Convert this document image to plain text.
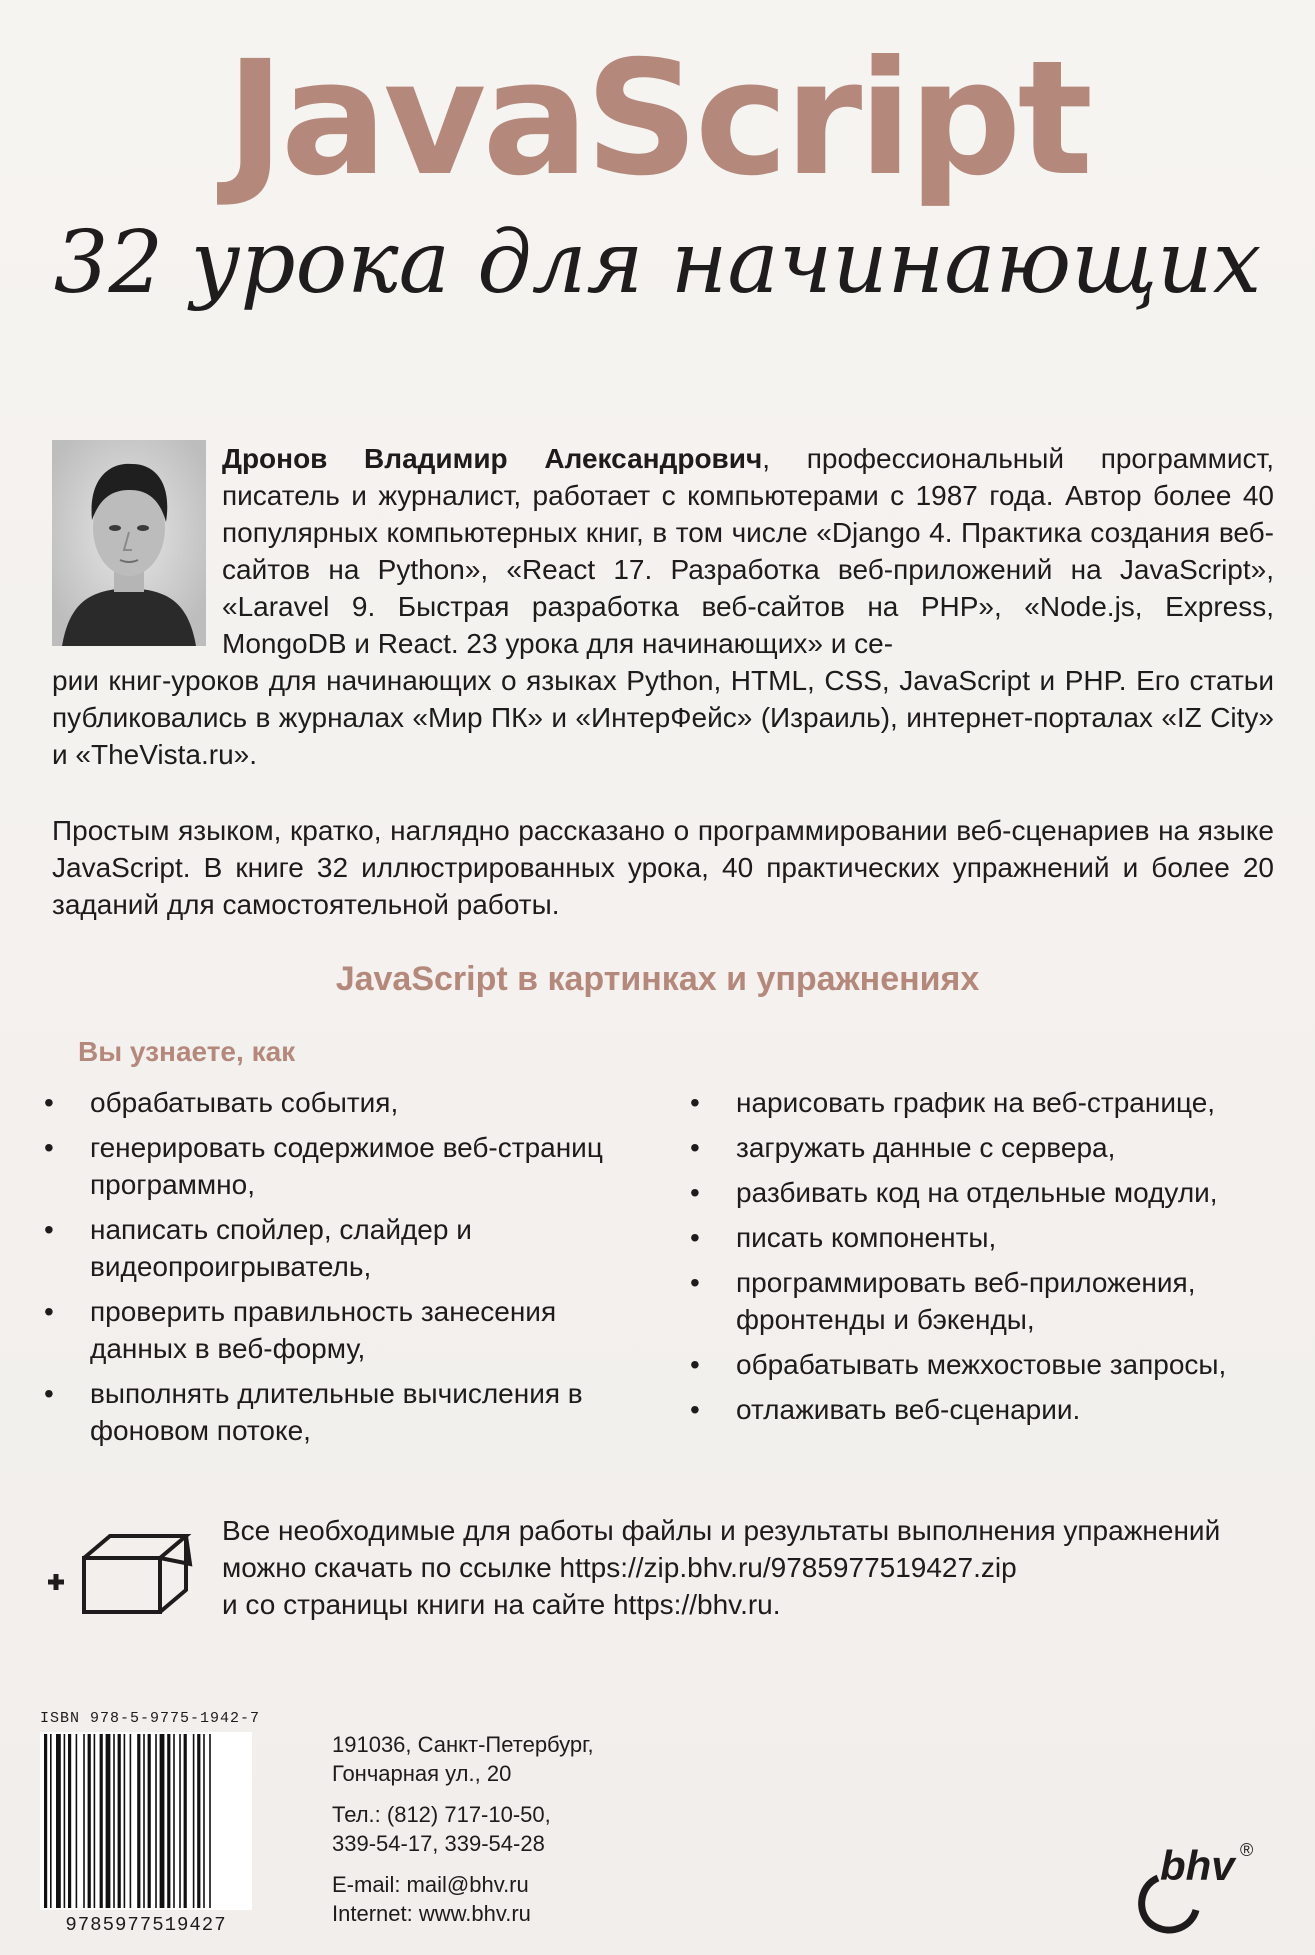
JavaScript
32 урока для начинающих
Дронов Владимир Александрович, профессиональный программист, писатель и журналист, работает с компьютерами с 1987 года. Автор более 40 популярных компьютерных книг, в том числе «Django 4. Практика создания веб-сайтов на Python», «React 17. Разработка веб-приложений на JavaScript», «Laravel 9. Быстрая разработка веб-сайтов на PHP», «Node.js, Express, MongoDB и React. 23 урока для начинающих» и се-
рии книг-уроков для начинающих о языках Python, HTML, CSS, JavaScript и PHP. Его статьи публиковались в журналах «Мир ПК» и «ИнтерФейс» (Израиль), интернет-порталах «IZ City» и «TheVista.ru».
Простым языком, кратко, наглядно рассказано о программировании веб-сценариев на языке JavaScript. В книге 32 иллюстрированных урока, 40 практических упражнений и более 20 заданий для самостоятельной работы.
JavaScript в картинках и упражнениях
Вы узнаете, как
• обрабатывать события,
• генерировать содержимое веб-страниц программно,
• написать спойлер, слайдер и видеопроигрыватель,
• проверить правильность занесения данных в веб-форму,
• выполнять длительные вычисления в фоновом потоке,
• нарисовать график на веб-странице,
• загружать данные с сервера,
• разбивать код на отдельные модули,
• писать компоненты,
• программировать веб-приложения, фронтенды и бэкенды,
• обрабатывать межхостовые запросы,
• отлаживать веб-сценарии.
Все необходимые для работы файлы и результаты выполнения упражнений
можно скачать по ссылке https://zip.bhv.ru/9785977519427.zip
и со страницы книги на сайте https://bhv.ru.
ISBN 978-5-9775-1942-7
9785977519427
191036, Санкт-Петербург,
Гончарная ул., 20
Тел.: (812) 717-10-50,
339-54-17, 339-54-28
E-mail: mail@bhv.ru
Internet: www.bhv.ru
bhv ®
